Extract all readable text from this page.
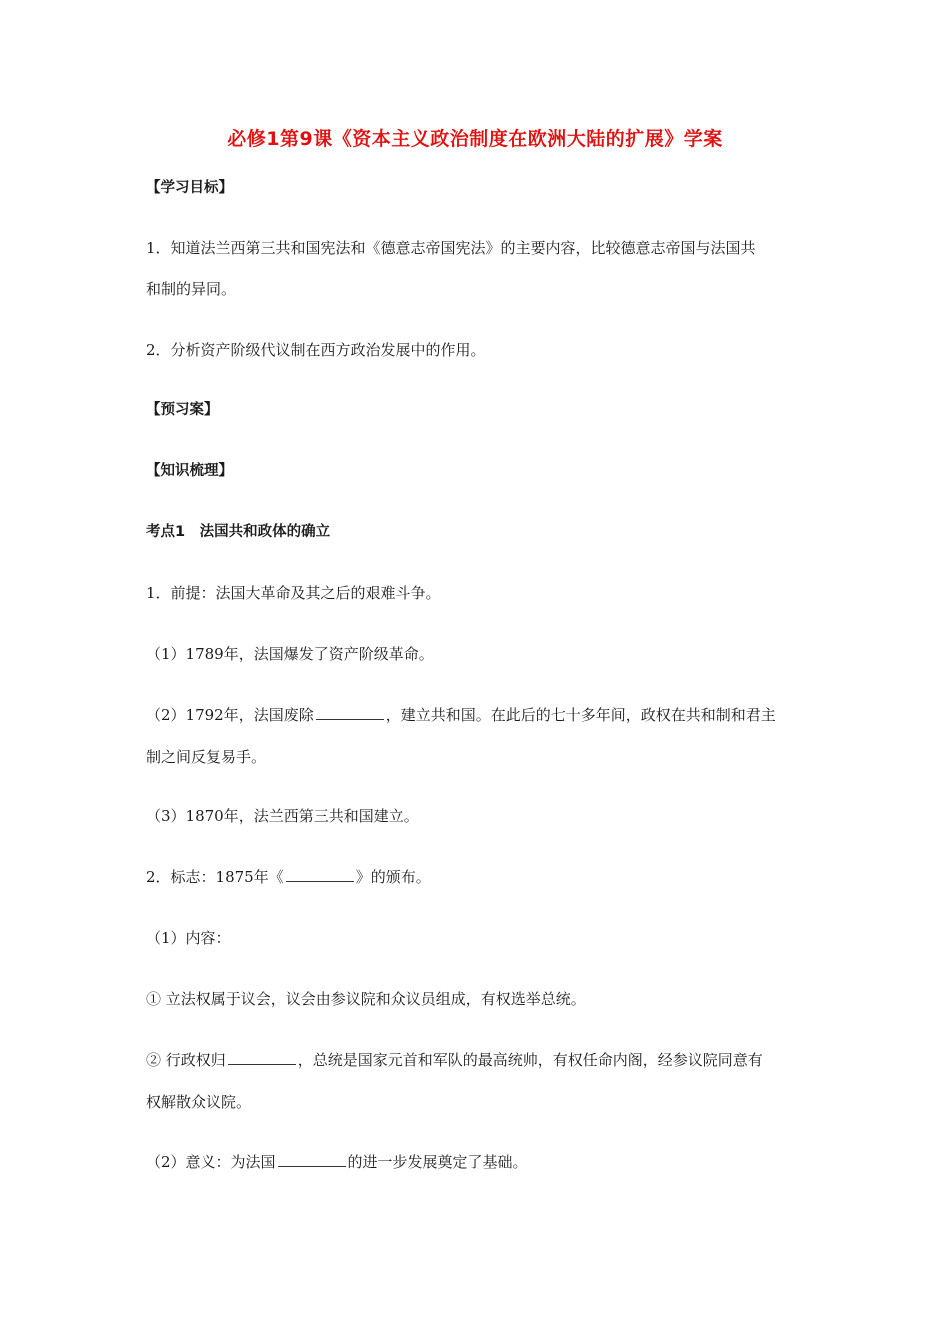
必修1第9课《资本主义政治制度在欧洲大陆的扩展》学案
【学习目标】
1．知道法兰西第三共和国宪法和《德意志帝国宪法》的主要内容，比较德意志帝国与法国共
和制的异同。
2．分析资产阶级代议制在西方政治发展中的作用。
【预习案】
【知识梳理】
考点1　法国共和政体的确立
1．前提：法国大革命及其之后的艰难斗争。
（1）1789年，法国爆发了资产阶级革命。
（2）1792年，法国废除	，建立共和国。在此后的七十多年间，政权在共和制和君主
制之间反复易手。
（3）1870年，法兰西第三共和国建立。
2．标志：1875年《	》的颁布。
（1）内容：
① 立法权属于议会，议会由参议院和众议员组成，有权选举总统。
② 行政权归	，总统是国家元首和军队的最高统帅，有权任命内阁，经参议院同意有
权解散众议院。
（2）意义：为法国	的进一步发展奠定了基础。
